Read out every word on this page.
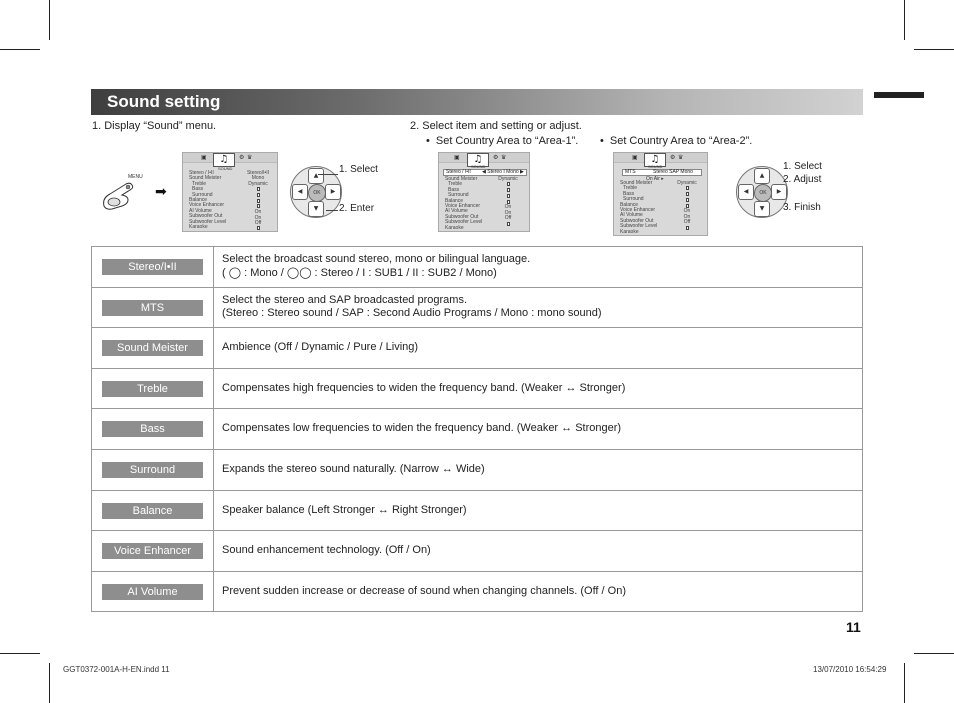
Sound setting
1. Display “Sound” menu.	2. Select item and setting or adjust.
• Set Country Area to “Area-1”.
•	Set Country Area to “Area-2”.
MENU
➡
▣	♫	⚙ ♛
SOUND
Stereo / I•II
Sound Meister
Treble
Bass
Surround
Balance
Voice Enhancer
AI Volume
Subwoofer Out
Subwoofer Level
Karaoke
Stereo/I•II Mono
Dynamic
On
On
Off
▲
▼
◀	▶
OK
1. Select
2. Enter
▣	♫	⚙ ♛
SOUND
Stereo / I•II ◀ Stereo I Mono ▶
Sound Meister
Treble
Bass
Surround
Balance
Voice Enhancer
AI Volume
Subwoofer Out
Subwoofer Level
Karaoke
Dynamic
On
On
Off
▣	♫	⚙ ♛
SOUND
MTS	Stereo SAP Mono
On Air ▸
Sound Meister
Treble
Bass
Surround
Balance
Voice Enhancer
AI Volume
Subwoofer Out
Subwoofer Level
Karaoke
Dynamic
On
On
Off
▲
▼
◀	▶
OK
1. Select
2. Adjust
3. Finish
Stereo/I•II
Select the broadcast sound stereo, mono or bilingual language.
( ◯ : Mono / ◯◯ : Stereo / I : SUB1 / II : SUB2 / Mono)
MTS
Select the stereo and SAP broadcasted programs.
(Stereo : Stereo sound / SAP : Second Audio Programs / Mono : mono sound)
Sound Meister	Ambience (Off / Dynamic / Pure / Living)
Treble	Compensates high frequencies to widen the frequency band. (Weaker ↔ Stronger)
Bass	Compensates low frequencies to widen the frequency band. (Weaker ↔ Stronger)
Surround	Expands the stereo sound naturally. (Narrow ↔ Wide)
Balance	Speaker balance (Left Stronger ↔ Right Stronger)
Voice Enhancer	Sound enhancement technology. (Off / On)
AI Volume	Prevent sudden increase or decrease of sound when changing channels. (Off / On)
11
GGT0372-001A-H-EN.indd 11	13/07/2010 16:54:29
